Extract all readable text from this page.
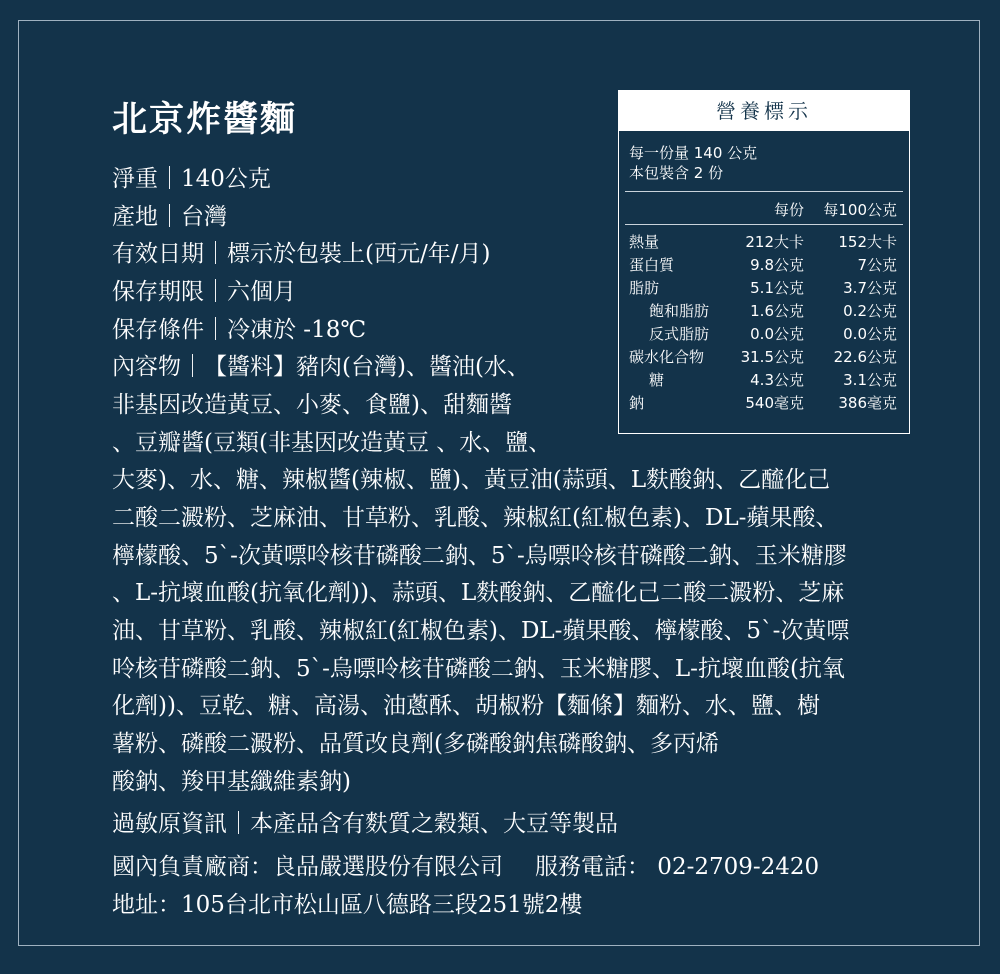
北京炸醬麵
淨重｜140公克
產地｜台灣
有效日期｜標示於包裝上(西元/年/月)
保存期限｜六個月
保存條件｜冷凍於 -18℃
內容物｜【醬料】豬肉(台灣)、醬油(水、
非基因改造黃豆、小麥、食鹽)、甜麵醬
、豆瓣醬(豆類(非基因改造黃豆 、水、鹽、
大麥)、水、糖、辣椒醬(辣椒、鹽)、黃豆油(蒜頭、L麩酸鈉、乙醯化己
二酸二澱粉、芝麻油、甘草粉、乳酸、辣椒紅(紅椒色素)、DL-蘋果酸、
檸檬酸、5`-次黃嘌呤核苷磷酸二鈉、5`-烏嘌呤核苷磷酸二鈉、玉米糖膠
、L-抗壞血酸(抗氧化劑))、蒜頭、L麩酸鈉、乙醯化己二酸二澱粉、芝麻
油、甘草粉、乳酸、辣椒紅(紅椒色素)、DL-蘋果酸、檸檬酸、5`-次黃嘌
呤核苷磷酸二鈉、5`-烏嘌呤核苷磷酸二鈉、玉米糖膠、L-抗壞血酸(抗氧
化劑))、豆乾、糖、高湯、油蔥酥、胡椒粉【麵條】麵粉、水、鹽、樹
薯粉、磷酸二澱粉、品質改良劑(多磷酸鈉焦磷酸鈉、多丙烯
酸鈉、羧甲基纖維素鈉)
過敏原資訊｜本產品含有麩質之穀類、大豆等製品
國內負責廠商：良品嚴選股份有限公司 服務電話： 02-2709-2420
地址：105台北市松山區八德路三段251號2樓
營養標示
每一份量 140 公克
本包裝含 2 份
每份 每100公克
熱量	212大卡 152大卡
蛋白質	9.8公克	7公克
脂肪	5.1公克	3.7公克
飽和脂肪	1.6公克	0.2公克
反式脂肪	0.0公克	0.0公克
碳水化合物 31.5公克 22.6公克
糖	4.3公克	3.1公克
鈉	540毫克 386毫克
